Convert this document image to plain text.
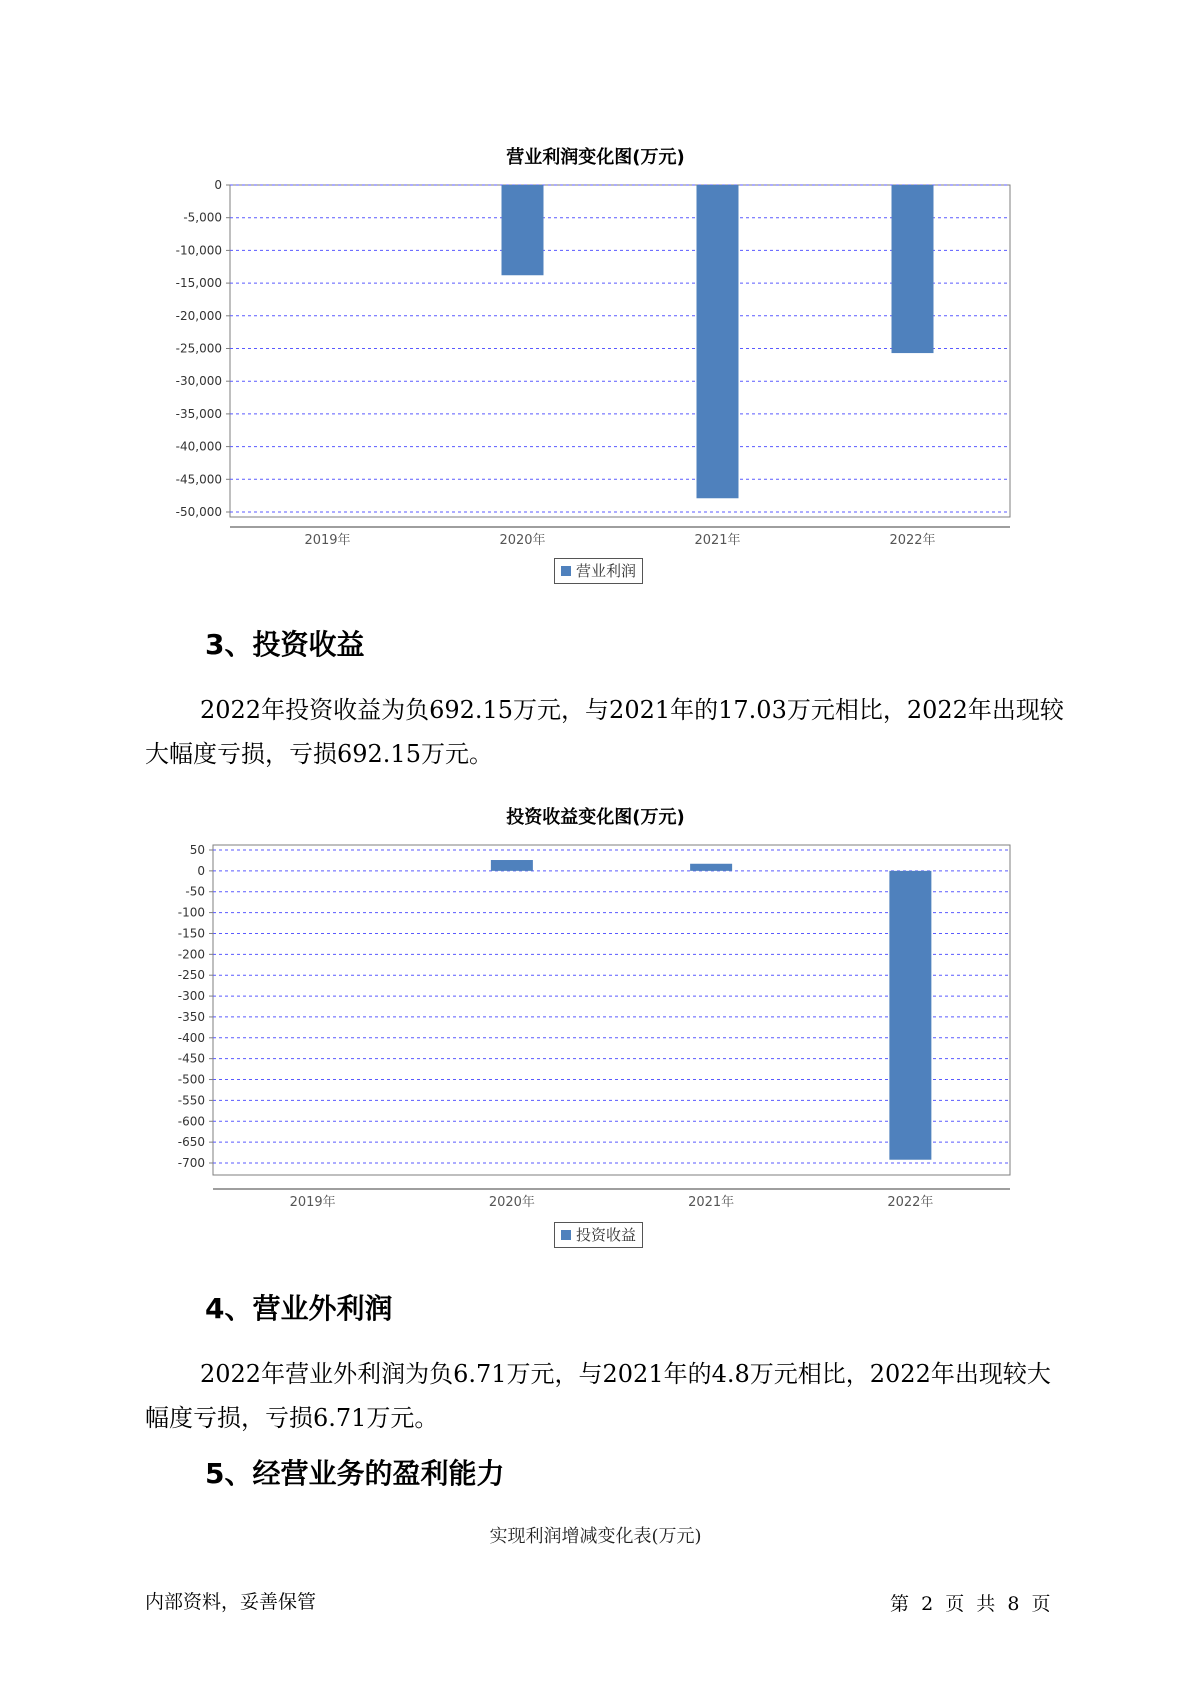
营业利润变化图(万元)
0
-5,000
-10,000
-15,000
-20,000
-25,000
-30,000
-35,000
-40,000
-45,000
-50,000
2019年	2020年	2021年	2022年
营业利润
3、投资收益

2022年投资收益为负692.15万元，与2021年的17.03万元相比，2022年出现较大幅度亏损，亏损692.15万元。

投资收益变化图(万元)
50
0
-50
-100
-150
-200
-250
-300
-350
-400
-450
-500
-550
-600
-650
-700
2019年	2020年	2021年	2022年
投资收益
4、营业外利润

2022年营业外利润为负6.71万元，与2021年的4.8万元相比，2022年出现较大幅度亏损，亏损6.71万元。

5、经营业务的盈利能力
实现利润增减变化表(万元)
内部资料，妥善保管	第 2 页  共 8 页
